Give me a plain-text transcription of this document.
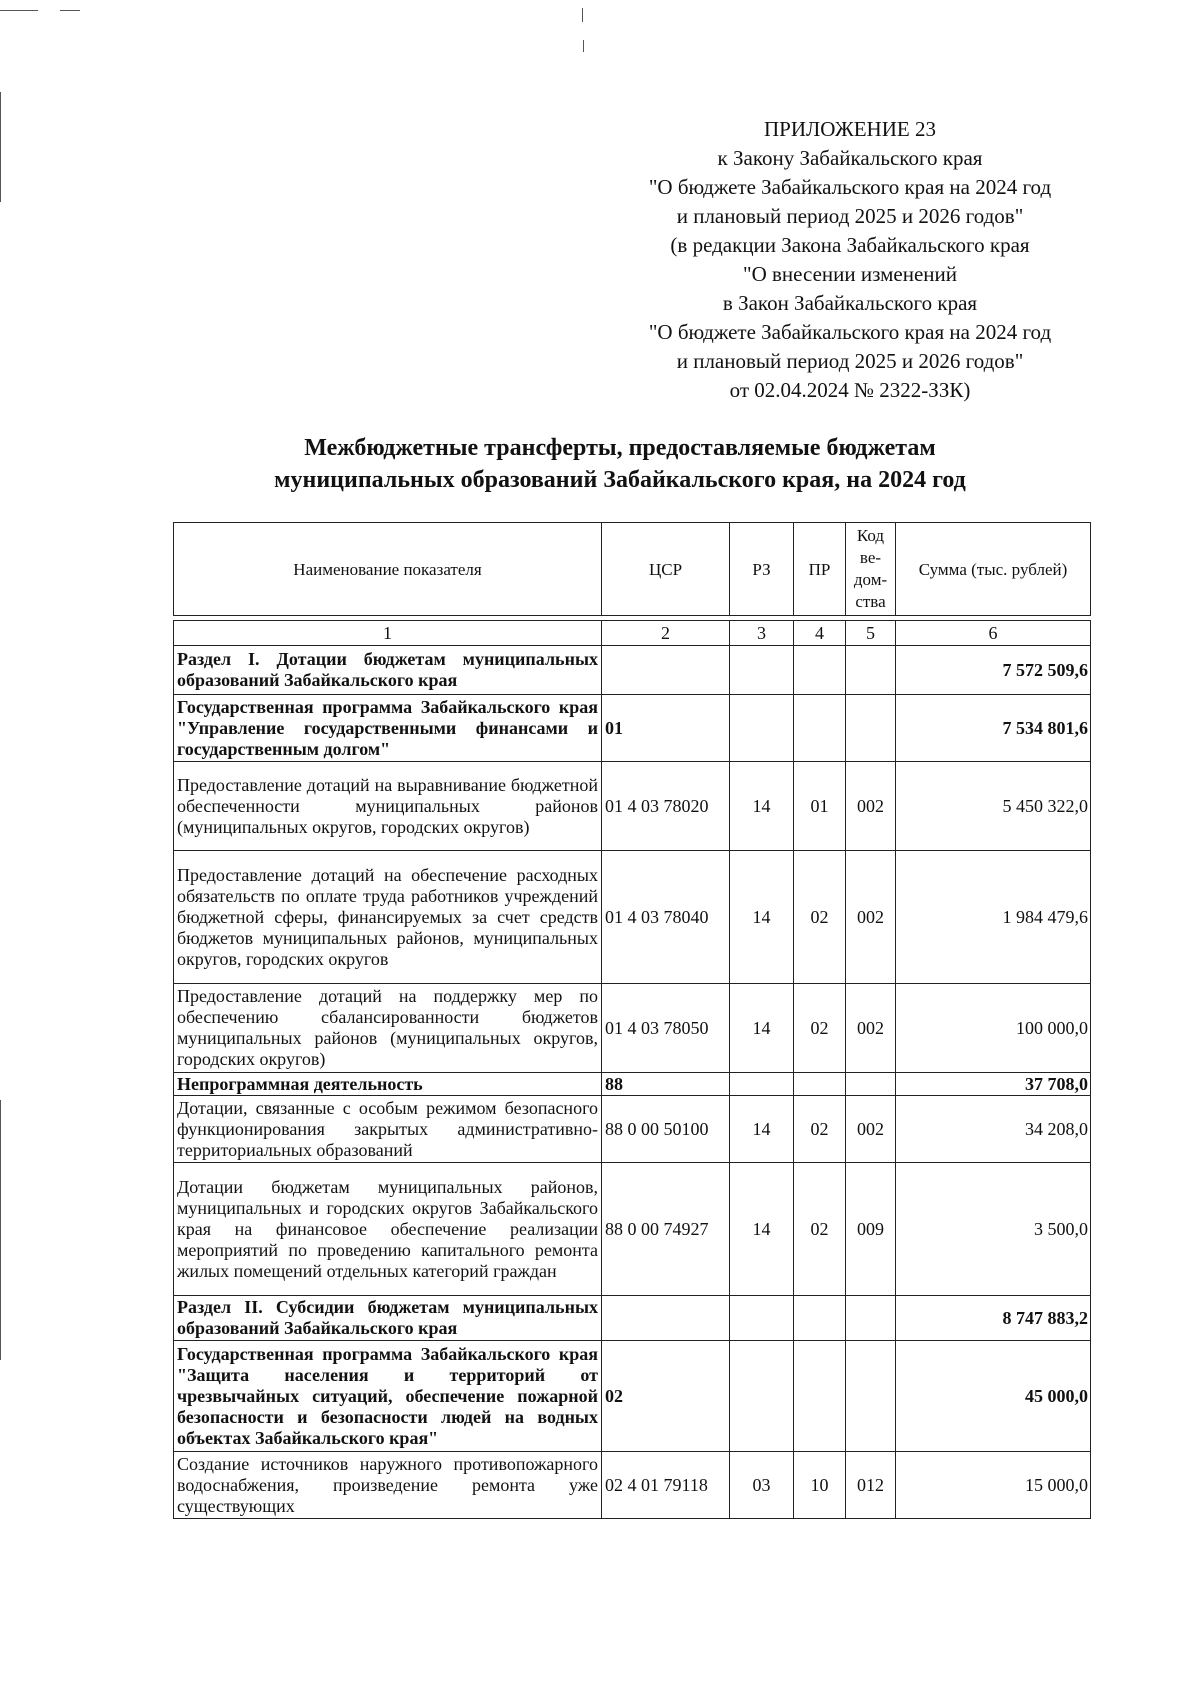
ПРИЛОЖЕНИЕ 23
к Закону Забайкальского края
"О бюджете Забайкальского края на 2024 год
и плановый период 2025 и 2026 годов"
(в редакции Закона Забайкальского края
"О внесении изменений
в Закон Забайкальского края
"О бюджете Забайкальского края на 2024 год
и плановый период 2025 и 2026 годов"
от 02.04.2024 № 2322-ЗЗК)
Межбюджетные трансферты, предоставляемые бюджетам
муниципальных образований Забайкальского края, на 2024 год
Наименование показателя	ЦСР	РЗ	ПР	Код ве-дом-ства	Сумма (тыс. рублей)
1	2	3	4	5	6
Раздел I. Дотации бюджетам муниципальных образований Забайкальского края					7 572 509,6
Государственная программа Забайкальского края "Управление государственными финансами и государственным долгом"	01				7 534 801,6
Предоставление дотаций на выравнивание бюджетной обеспеченности муниципальных районов (муниципальных округов, городских округов)	01 4 03 78020	14	01	002	5 450 322,0
Предоставление дотаций на обеспечение расходных обязательств по оплате труда работников учреждений бюджетной сферы, финансируемых за счет средств бюджетов муниципальных районов, муниципальных округов, городских округов	01 4 03 78040	14	02	002	1 984 479,6
Предоставление дотаций на поддержку мер по обеспечению сбалансированности бюджетов муниципальных районов (муниципальных округов, городских округов)	01 4 03 78050	14	02	002	100 000,0
Непрограммная деятельность	88				37 708,0
Дотации, связанные с особым режимом безопасного функционирования закрытых административно-территориальных образований	88 0 00 50100	14	02	002	34 208,0
Дотации бюджетам муниципальных районов, муниципальных и городских округов Забайкальского края на финансовое обеспечение реализации мероприятий по проведению капитального ремонта жилых помещений отдельных категорий граждан	88 0 00 74927	14	02	009	3 500,0
Раздел II. Субсидии бюджетам муниципальных образований Забайкальского края					8 747 883,2
Государственная программа Забайкальского края "Защита населения и территорий от чрезвычайных ситуаций, обеспечение пожарной безопасности и безопасности людей на водных объектах Забайкальского края"	02				45 000,0
Создание источников наружного противопожарного водоснабжения, произведение ремонта уже существующих	02 4 01 79118	03	10	012	15 000,0
